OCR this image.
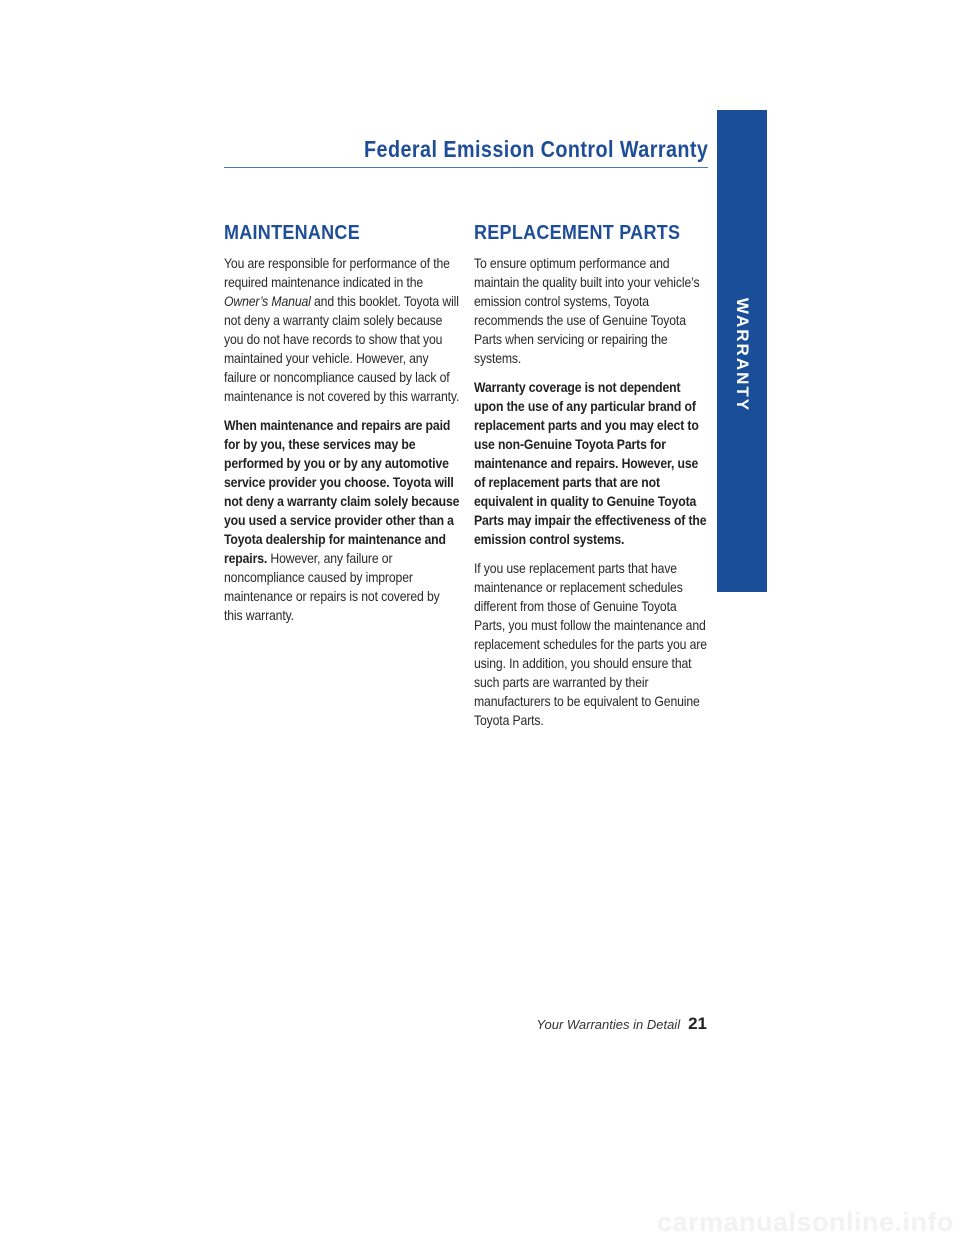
Federal Emission Control Warranty
WARRANTY
MAINTENANCE

You are responsible for performance of the required maintenance indicated in the Owner’s Manual and this booklet. Toyota will not deny a warranty claim solely because you do not have records to show that you maintained your vehicle. However, any failure or noncompliance caused by lack of maintenance is not covered by this warranty.

When maintenance and repairs are paid for by you, these services may be performed by you or by any automotive service provider you choose. Toyota will not deny a warranty claim solely because you used a service provider other than a Toyota dealership for maintenance and repairs. However, any failure or noncompliance caused by improper maintenance or repairs is not covered by this warranty.

REPLACEMENT PARTS

To ensure optimum performance and maintain the quality built into your vehicle’s emission control systems, Toyota recommends the use of Genuine Toyota Parts when servicing or repairing the systems.

Warranty coverage is not dependent upon the use of any particular brand of replacement parts and you may elect to use non-Genuine Toyota Parts for maintenance and repairs. However, use of replacement parts that are not equivalent in quality to Genuine Toyota Parts may impair the effectiveness of the emission control systems.

If you use replacement parts that have maintenance or replacement schedules different from those of Genuine Toyota Parts, you must follow the maintenance and replacement schedules for the parts you are using. In addition, you should ensure that such parts are warranted by their manufacturers to be equivalent to Genuine Toyota Parts.

Your Warranties in Detail 21
carmanualsonline.info
